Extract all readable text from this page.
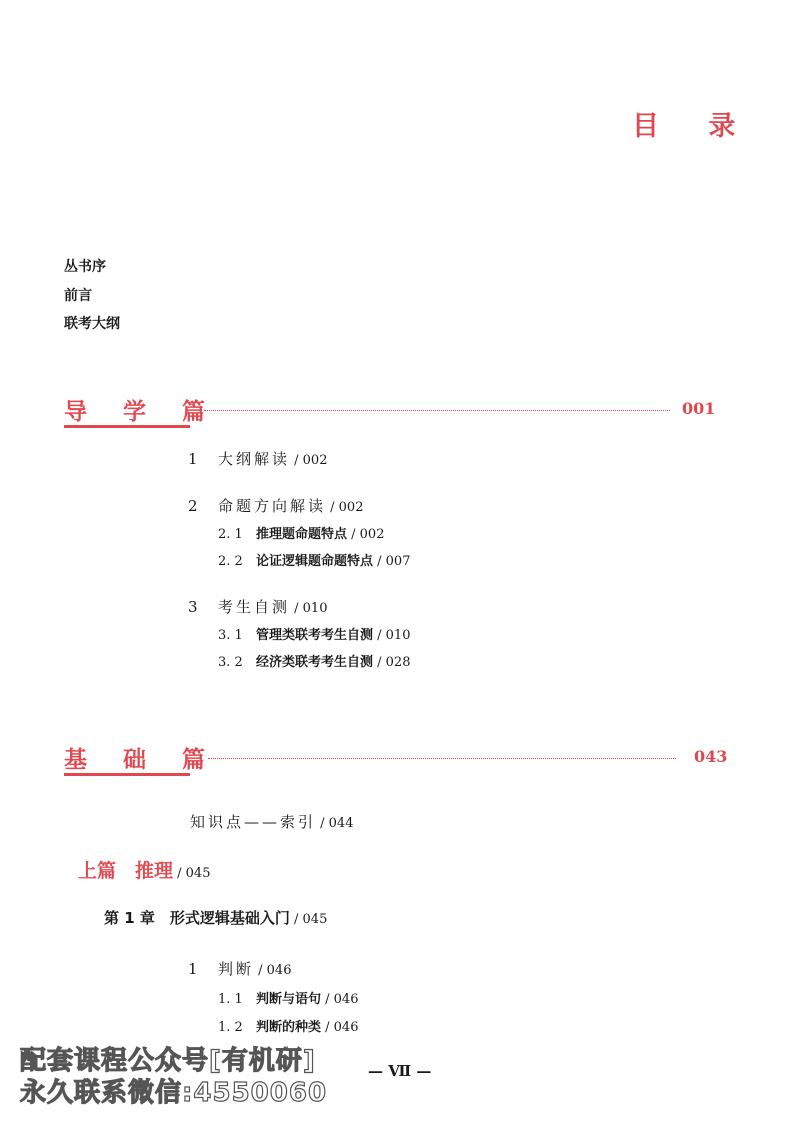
目 录
丛书序
前言
联考大纲
导 学 篇	001
1 大纲解读 / 002
2 命题方向解读 / 002
2. 1 推理题命题特点 / 002
2. 2 论证逻辑题命题特点 / 007
3 考生自测 / 010
3. 1 管理类联考考生自测 / 010
3. 2 经济类联考考生自测 / 028
基 础 篇	043
知识点——索引 / 044
上篇　推理 / 045
第 1 章　形式逻辑基础入门 / 045
1 判断 / 046
1. 1 判断与语句 / 046
1. 2 判断的种类 / 046
配套课程公众号[有机研]
永久联系微信:4550060
— Ⅶ —
